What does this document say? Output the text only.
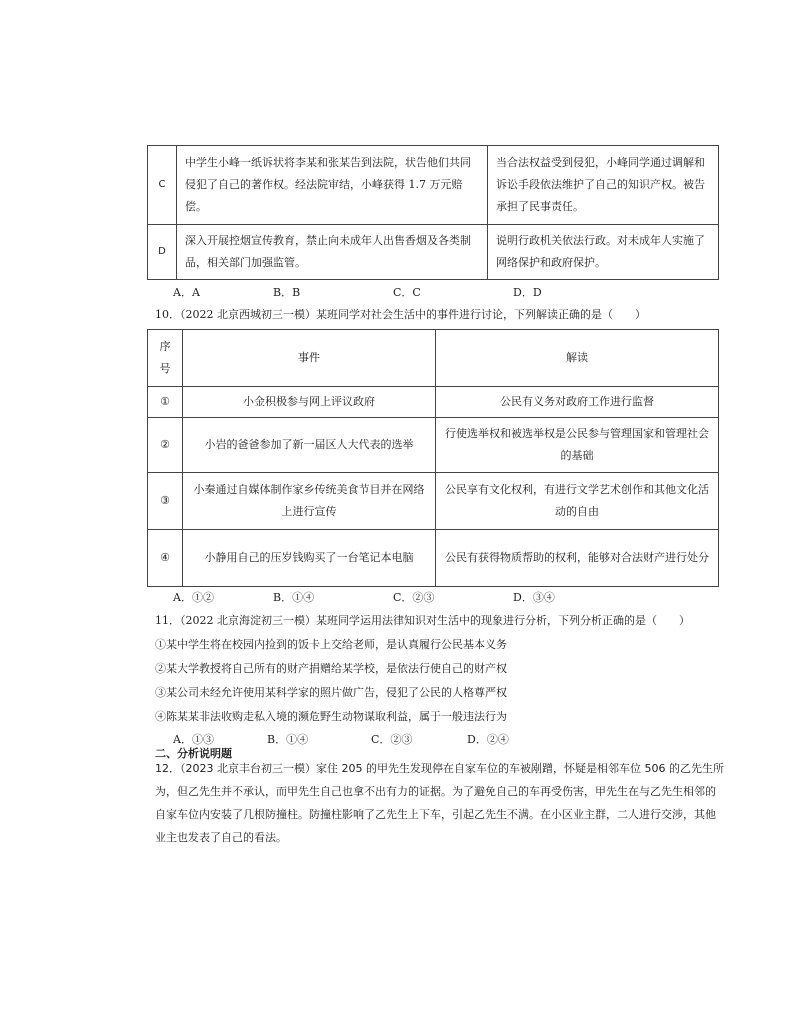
C	中学生小峰一纸诉状将李某和张某告到法院，状告他们共同侵犯了自己的著作权。经法院审结，小峰获得 1.7 万元赔偿。	当合法权益受到侵犯，小峰同学通过调解和诉讼手段依法维护了自己的知识产权。被告承担了民事责任。
D	深入开展控烟宣传教育，禁止向未成年人出售香烟及各类制品，相关部门加强监管。	说明行政机关依法行政。对未成年人实施了网络保护和政府保护。
A．A	B．B	C．C	D．D
10．（2022 北京西城初三一模）某班同学对社会生活中的事件进行讨论，下列解读正确的是（　　）
序号	事件	解读
①	小金积极参与网上评议政府	公民有义务对政府工作进行监督
②	小岩的爸爸参加了新一届区人大代表的选举	行使选举权和被选举权是公民参与管理国家和管理社会的基础
③	小秦通过自媒体制作家乡传统美食节目并在网络上进行宣传	公民享有文化权利，有进行文学艺术创作和其他文化活动的自由
④	小静用自己的压岁钱购买了一台笔记本电脑	公民有获得物质帮助的权利，能够对合法财产进行处分
A．①②	B．①④	C．②③	D．③④
11．（2022 北京海淀初三一模）某班同学运用法律知识对生活中的现象进行分析，下列分析正确的是（　　）
①某中学生将在校园内捡到的饭卡上交给老师，是认真履行公民基本义务
②某大学教授将自己所有的财产捐赠给某学校，是依法行使自己的财产权
③某公司未经允许使用某科学家的照片做广告，侵犯了公民的人格尊严权
④陈某某非法收购走私入境的濒危野生动物谋取利益，属于一般违法行为
A．①③	B．①④	C．②③	D．②④
二、分析说明题
12．（2023 北京丰台初三一模）家住 205 的甲先生发现停在自家车位的车被剐蹭，怀疑是相邻车位 506 的乙先生所为，但乙先生并不承认，而甲先生自己也拿不出有力的证据。为了避免自己的车再受伤害，甲先生在与乙先生相邻的自家车位内安装了几根防撞柱。防撞柱影响了乙先生上下车，引起乙先生不满。在小区业主群，二人进行交涉，其他业主也发表了自己的看法。
